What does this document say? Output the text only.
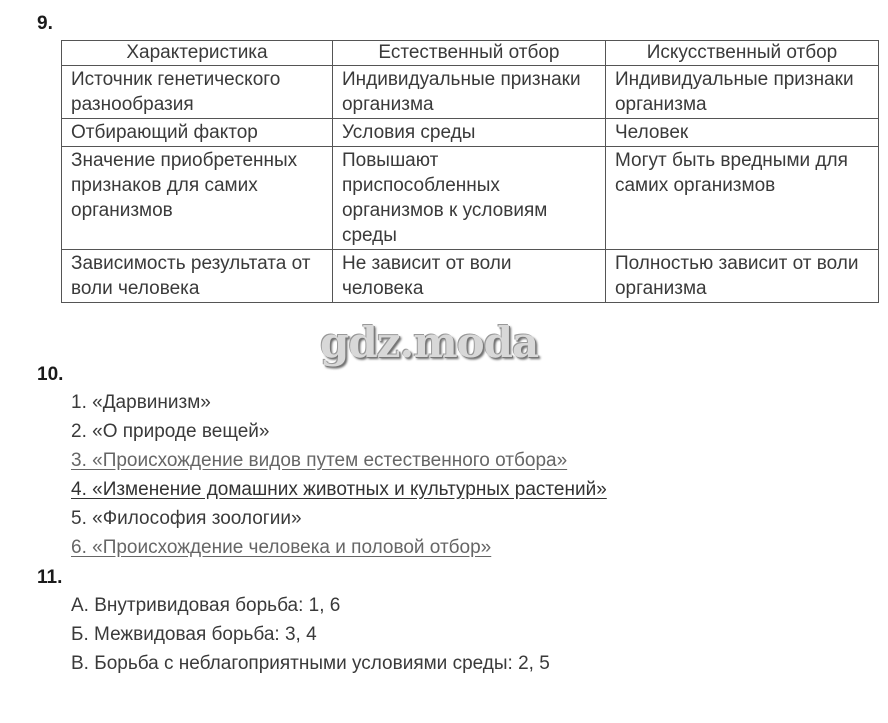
9.
Характеристика	Естественный отбор	Искусственный отбор
Источник генетического разнообразия	Индивидуальные признаки организма	Индивидуальные признаки организма
Отбирающий фактор	Условия среды	Человек
Значение приобретенных признаков для самих организмов	Повышают приспособленных организмов к условиям среды	Могут быть вредными для самих организмов
Зависимость результата от воли человека	Не зависит от воли человека	Полностью зависит от воли организма
gdz.moda
10.
1. «Дарвинизм»
2. «О природе вещей»
3. «Происхождение видов путем естественного отбора»
4. «Изменение домашних животных и культурных растений»
5. «Философия зоологии»
6. «Происхождение человека и половой отбор»
11.
А. Внутривидовая борьба: 1, 6
Б. Межвидовая борьба: 3, 4
В. Борьба с неблагоприятными условиями среды: 2, 5
